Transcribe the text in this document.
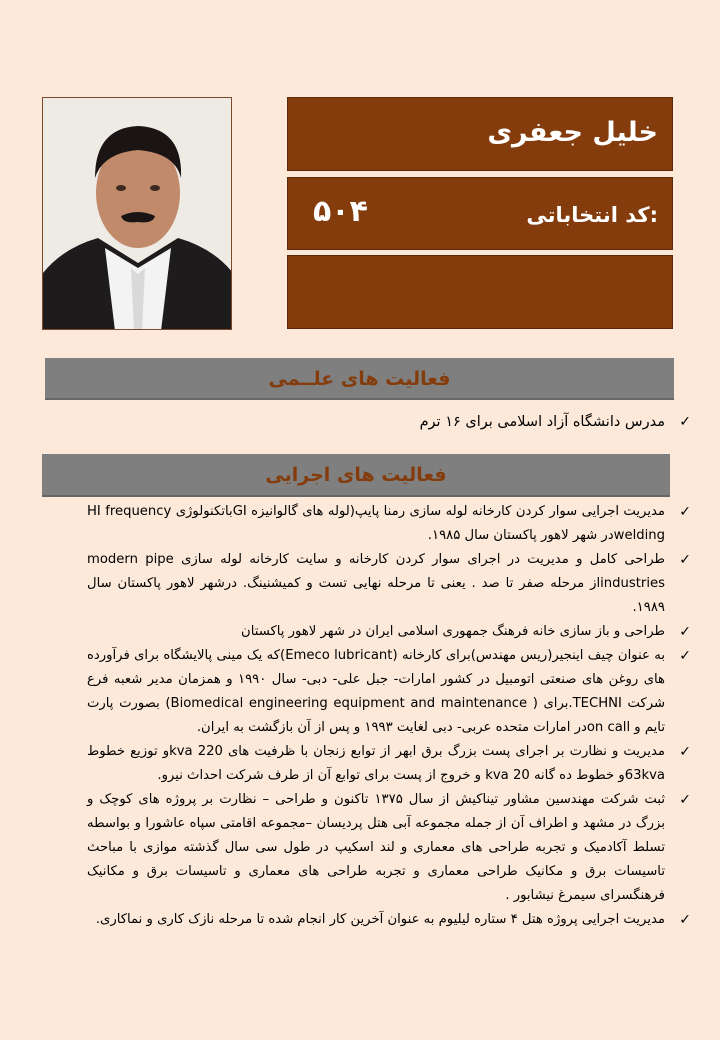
خلیل جعفری
کد انتخاباتی:
۵۰۴
فعالیت های علــمی
✓
مدرس دانشگاه آزاد اسلامی برای ۱۶ ترم
فعالیت های اجرایی
✓
مدیریت اجرایی سوار کردن کارخانه لوله سازی رمنا پایپ(لوله های گالوانیزه GIباتکنولوژی HI frequency weldingدر شهر لاهور پاکستان سال ۱۹۸۵.
✓
طراحی کامل و مدیریت در اجرای سوار کردن کارخانه و سایت کارخانه لوله سازی modern pipe industriesاز مرحله صفر تا صد . یعنی تا مرحله نهایی تست و کمیشنینگ. درشهر لاهور پاکستان سال ۱۹۸۹.
✓
طراحی و باز سازی خانه فرهنگ جمهوری اسلامی ایران در شهر لاهور پاکستان
✓
به عنوان چیف اینجیر(ریس مهندس)برای کارخانه (Emeco lubricant)که یک مینی پالایشگاه برای فرآورده های روغن های صنعتی اتومبیل در کشور امارات- جبل علی- دبی- سال ۱۹۹۰ و همزمان مدیر شعبه فرع شرکت TECHNI.برای ( Biomedical engineering equipment and maintenance) بصورت پارت تایم و on callدر امارات متحده عربی- دبی لغایت ۱۹۹۳ و پس از آن بازگشت به ایران.
✓
مدیریت و نظارت بر اجرای پست بزرگ برق ابهر از توابع زنجان با ظرفیت های 220 kvaو توزیع خطوط 63kvaو خطوط ده گانه 20 kva و خروج از پست برای توابع آن از طرف شرکت احداث نیرو.
✓
ثبت شرکت مهندسین مشاور تیناکیش از سال ۱۳۷۵ تاکنون و طراحی – نظارت بر پروژه های کوچک و بزرگ در مشهد و اطراف آن از جمله مجموعه آبی هتل پردیسان –مجموعه اقامتی سپاه عاشورا و بواسطه تسلط آکادمیک و تجربه طراحی های معماری و لند اسکیپ در طول سی سال گذشته موازی با مباحث تاسیسات برق و مکانیک طراحی معماری و تجربه طراحی های معماری و تاسیسات برق و مکانیک فرهنگسرای سیمرغ نیشابور .
✓
مدیریت اجرایی پروژه هتل ۴ ستاره لیلیوم به عنوان آخرین کار انجام شده تا مرحله نازک کاری و نماکاری.
